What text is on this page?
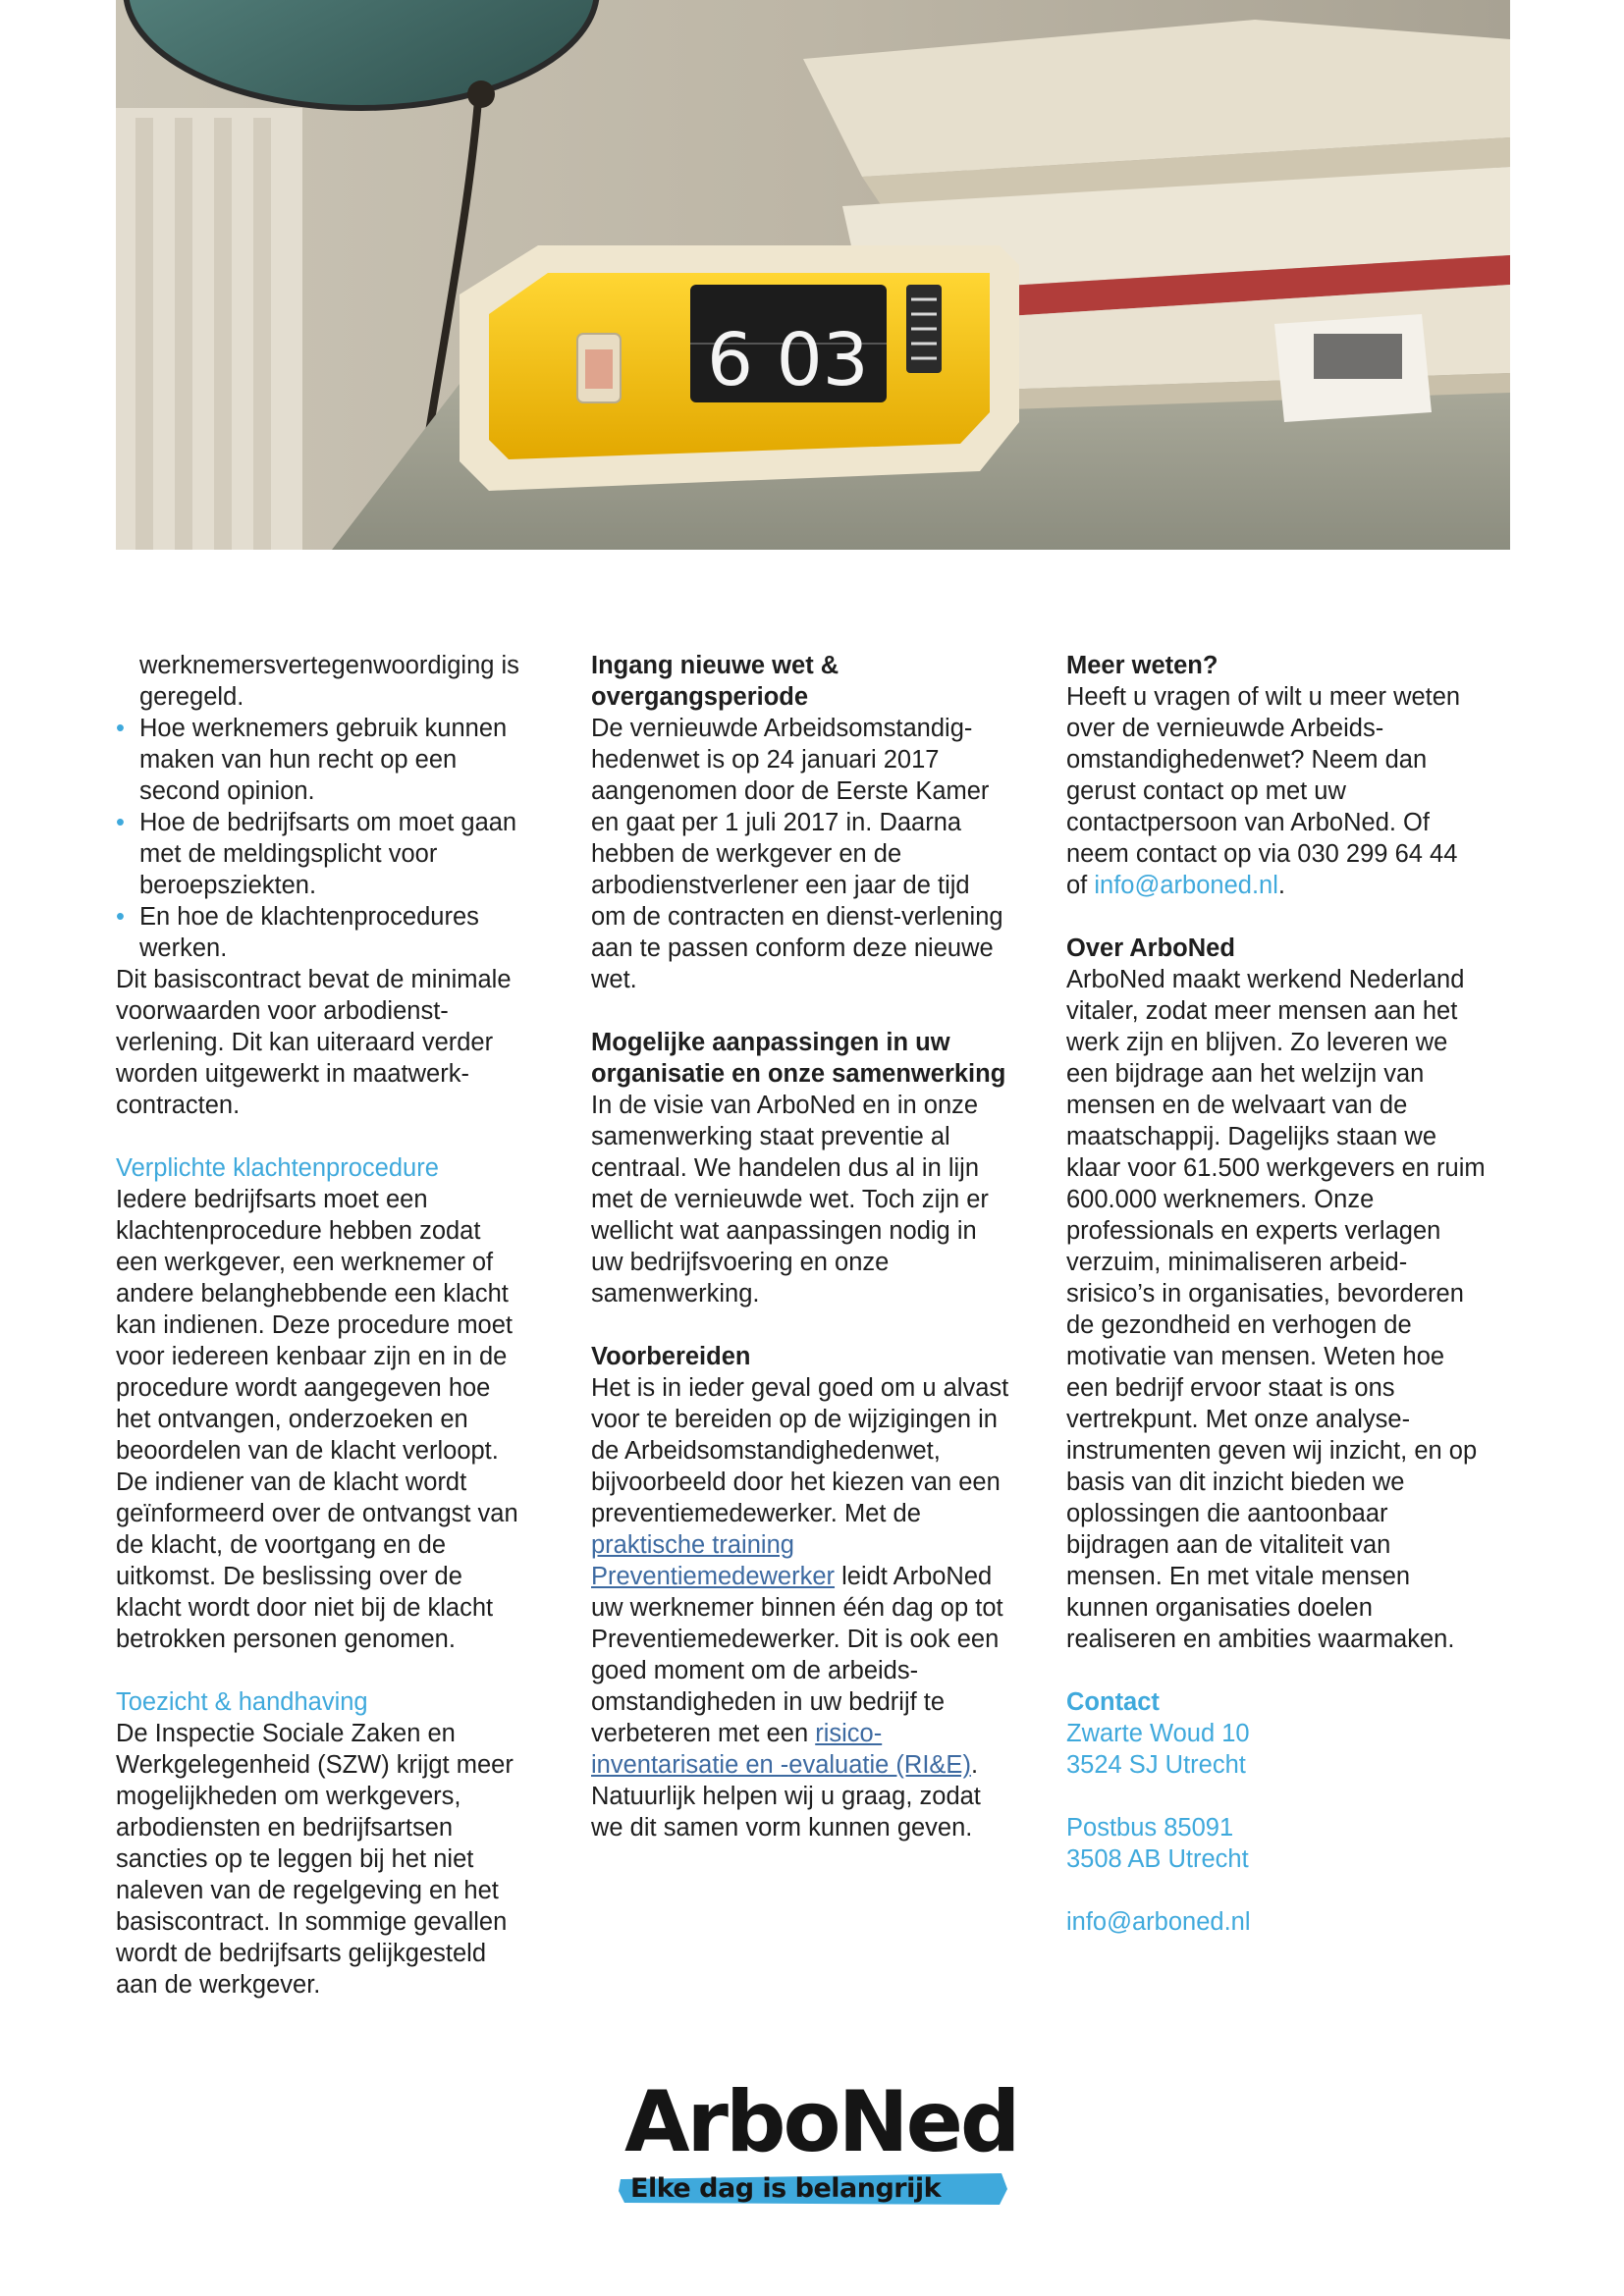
6 03
werknemersvertegenwoordiging is
geregeld.
• Hoe werknemers gebruik kunnen
maken van hun recht op een
second opinion.
• Hoe de bedrijfsarts om moet gaan
met de meldingsplicht voor
beroepsziekten.
• En hoe de klachtenprocedures
werken.

Dit basiscontract bevat de minimale
voorwaarden voor arbodienst-
verlening. Dit kan uiteraard verder
worden uitgewerkt in maatwerk-
contracten.

Verplichte klachtenprocedure

Iedere bedrijfsarts moet een
klachtenprocedure hebben zodat
een werkgever, een werknemer of
andere belanghebbende een klacht
kan indienen. Deze procedure moet
voor iedereen kenbaar zijn en in de
procedure wordt aangegeven hoe
het ontvangen, onderzoeken en
beoordelen van de klacht verloopt.
De indiener van de klacht wordt
geïnformeerd over de ontvangst van
de klacht, de voortgang en de
uitkomst. De beslissing over de
klacht wordt door niet bij de klacht
betrokken personen genomen.

Toezicht & handhaving

De Inspectie Sociale Zaken en
Werkgelegenheid (SZW) krijgt meer
mogelijkheden om werkgevers,
arbodiensten en bedrijfsartsen
sancties op te leggen bij het niet
naleven van de regelgeving en het
basiscontract. In sommige gevallen
wordt de bedrijfsarts gelijkgesteld
aan de werkgever.

Ingang nieuwe wet &
overgangsperiode

De vernieuwde Arbeidsomstandig-
hedenwet is op 24 januari 2017
aangenomen door de Eerste Kamer
en gaat per 1 juli 2017 in. Daarna
hebben de werkgever en de
arbodienstverlener een jaar de tijd
om de contracten en dienst-verlening
aan te passen conform deze nieuwe
wet.

Mogelijke aanpassingen in uw
organisatie en onze samenwerking

In de visie van ArboNed en in onze
samenwerking staat preventie al
centraal. We handelen dus al in lijn
met de vernieuwde wet. Toch zijn er
wellicht wat aanpassingen nodig in
uw bedrijfsvoering en onze
samenwerking.

Voorbereiden

Het is in ieder geval goed om u alvast
voor te bereiden op de wijzigingen in
de Arbeidsomstandighedenwet,
bijvoorbeeld door het kiezen van een
preventiemedewerker. Met de
praktische training
Preventiemedewerker leidt ArboNed
uw werknemer binnen één dag op tot
Preventiemedewerker. Dit is ook een
goed moment om de arbeids-
omstandigheden in uw bedrijf te
verbeteren met een risico-
inventarisatie en -evaluatie (RI&E).
Natuurlijk helpen wij u graag, zodat
we dit samen vorm kunnen geven.

Meer weten?

Heeft u vragen of wilt u meer weten
over de vernieuwde Arbeids-
omstandighedenwet? Neem dan
gerust contact op met uw
contactpersoon van ArboNed. Of
neem contact op via 030 299 64 44
of info@arboned.nl.

Over ArboNed

ArboNed maakt werkend Nederland
vitaler, zodat meer mensen aan het
werk zijn en blijven. Zo leveren we
een bijdrage aan het welzijn van
mensen en de welvaart van de
maatschappij. Dagelijks staan we
klaar voor 61.500 werkgevers en ruim
600.000 werknemers. Onze
professionals en experts verlagen
verzuim, minimaliseren arbeid-
srisico’s in organisaties, bevorderen
de gezondheid en verhogen de
motivatie van mensen. Weten hoe
een bedrijf ervoor staat is ons
vertrekpunt. Met onze analyse-
instrumenten geven wij inzicht, en op
basis van dit inzicht bieden we
oplossingen die aantoonbaar
bijdragen aan de vitaliteit van
mensen. En met vitale mensen
kunnen organisaties doelen
realiseren en ambities waarmaken.

Contact

Zwarte Woud 10
3524 SJ Utrecht

Postbus 85091
3508 AB Utrecht

info@arboned.nl

ArboNed
Elke dag is belangrijk
